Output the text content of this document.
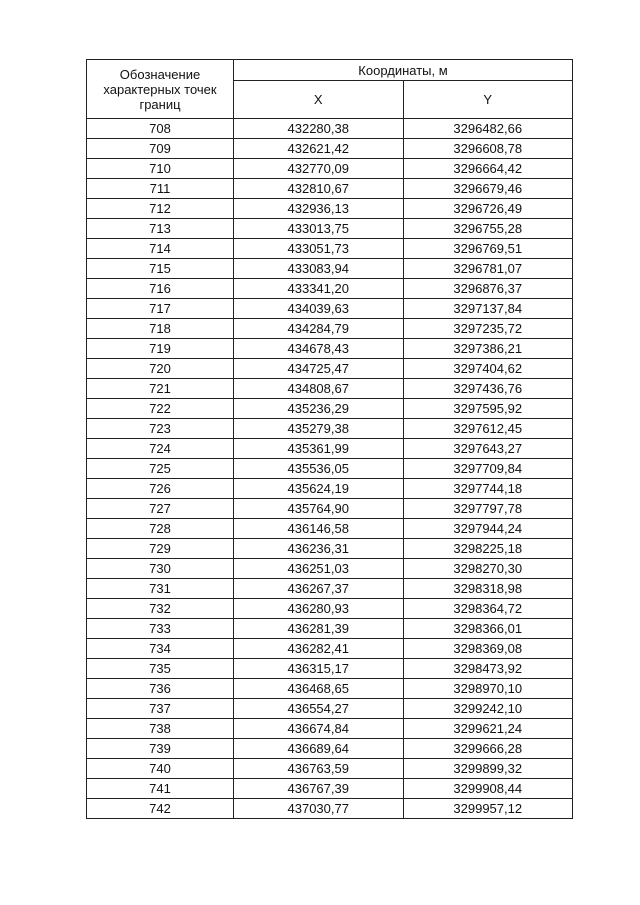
Обозначение характерных точек границ	Координаты, м	
	X	Y
708	432280,38	3296482,66
709	432621,42	3296608,78
710	432770,09	3296664,42
711	432810,67	3296679,46
712	432936,13	3296726,49
713	433013,75	3296755,28
714	433051,73	3296769,51
715	433083,94	3296781,07
716	433341,20	3296876,37
717	434039,63	3297137,84
718	434284,79	3297235,72
719	434678,43	3297386,21
720	434725,47	3297404,62
721	434808,67	3297436,76
722	435236,29	3297595,92
723	435279,38	3297612,45
724	435361,99	3297643,27
725	435536,05	3297709,84
726	435624,19	3297744,18
727	435764,90	3297797,78
728	436146,58	3297944,24
729	436236,31	3298225,18
730	436251,03	3298270,30
731	436267,37	3298318,98
732	436280,93	3298364,72
733	436281,39	3298366,01
734	436282,41	3298369,08
735	436315,17	3298473,92
736	436468,65	3298970,10
737	436554,27	3299242,10
738	436674,84	3299621,24
739	436689,64	3299666,28
740	436763,59	3299899,32
741	436767,39	3299908,44
742	437030,77	3299957,12
